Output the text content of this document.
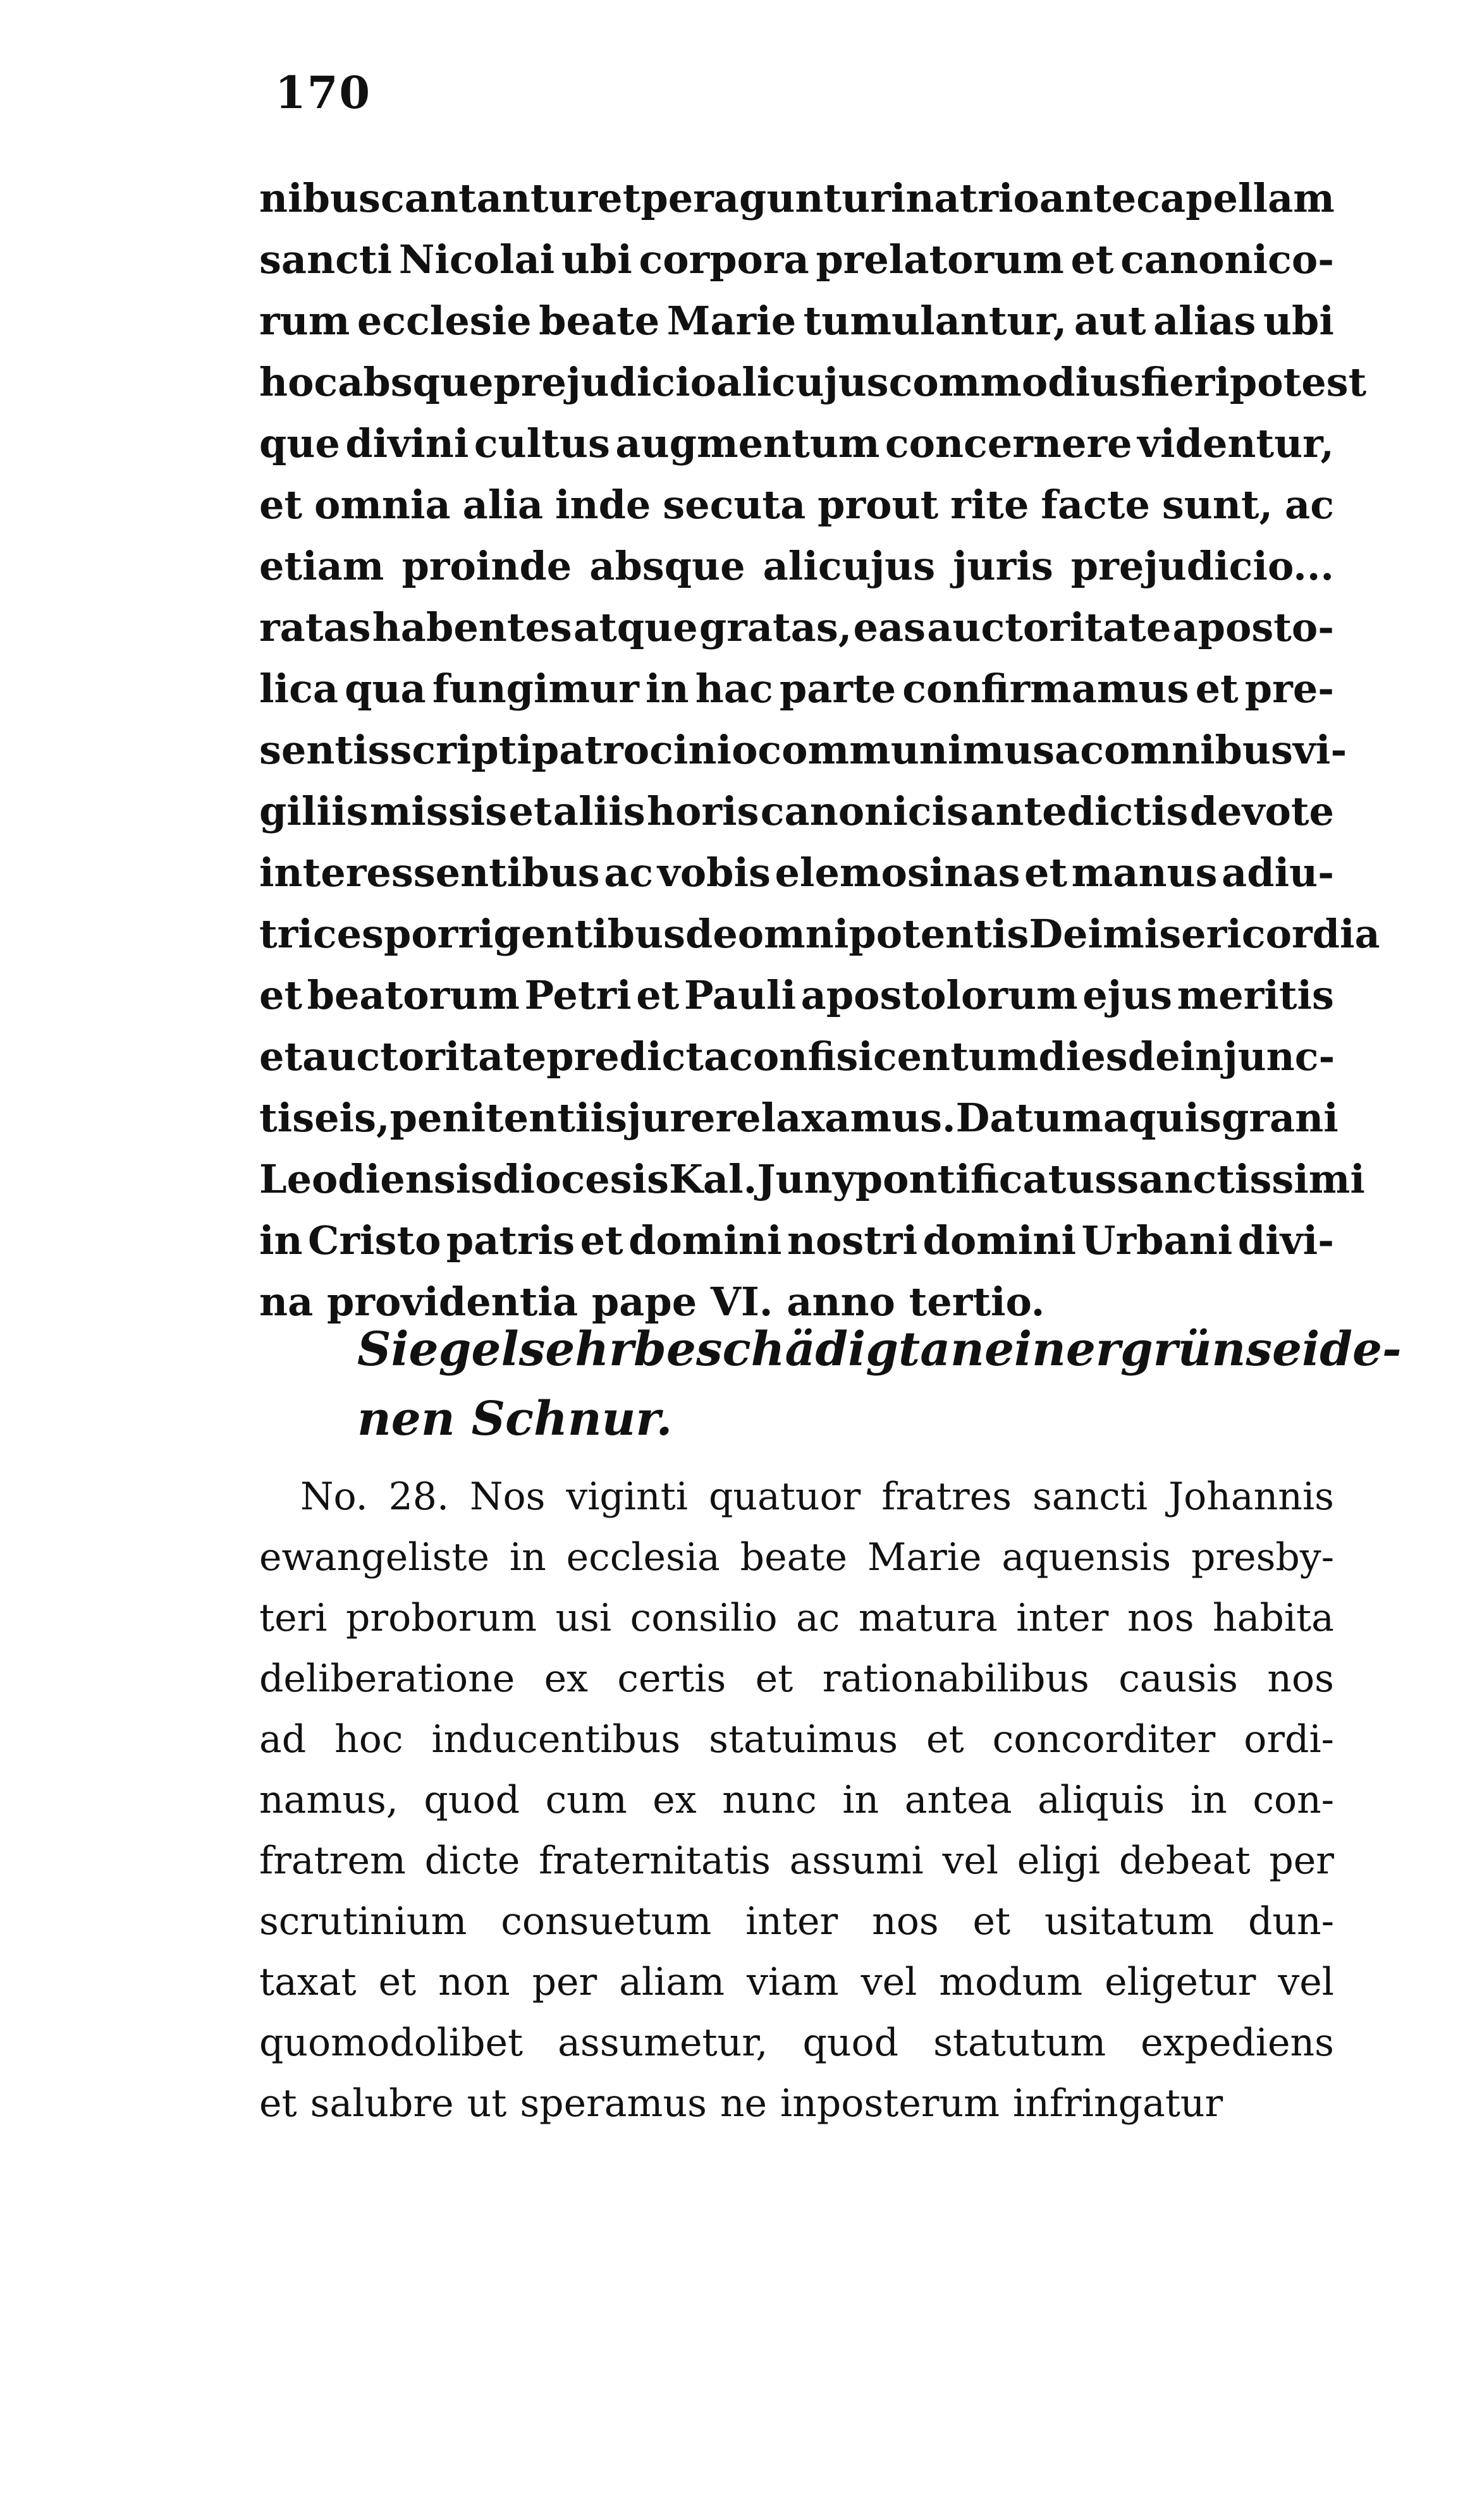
170
nibus cantantur et peraguntur in atrio ante capellam
sancti Nicolai ubi corpora prelatorum et canonico-
rum ecclesie beate Marie tumulantur, aut alias ubi
hoc absque prejudicio alicujus commodius fieri potest
que divini cultus augmentum concernere videntur,
et omnia alia inde secuta prout rite facte sunt, ac
etiam proinde absque alicujus juris prejudicio...
ratas habentes atque gratas, eas auctoritate aposto-
lica qua fungimur in hac parte confirmamus et pre-
sentis scripti patrocinio communimus ac omnibus vi-
giliis missis et aliis horis canonicis antedictis devote
interessentibus ac vobis elemosinas et manus adiu-
trices porrigentibus de omnipotentis Dei misericordia
et beatorum Petri et Pauli apostolorum ejus meritis
et auctoritate predicta confisi centum dies de injunc-
tis eis, penitentiis jure relaxamus. Datum aquisgrani
Leodiensis diocesis Kal. Juny pontificatus sanctissimi
in Cristo patris et domini nostri domini Urbani divi-
na providentia pape VI. anno tertio.
Siegel sehr beschädigt an einer grün seide-
nen Schnur.
No. 28. Nos viginti quatuor fratres sancti Johannis
ewangeliste in ecclesia beate Marie aquensis presby-
teri proborum usi consilio ac matura inter nos habita
deliberatione ex certis et rationabilibus causis nos
ad hoc inducentibus statuimus et concorditer ordi-
namus, quod cum ex nunc in antea aliquis in con-
fratrem dicte fraternitatis assumi vel eligi debeat per
scrutinium consuetum inter nos et usitatum dun-
taxat et non per aliam viam vel modum eligetur vel
quomodolibet assumetur, quod statutum expediens
et salubre ut speramus ne inposterum infringatur
